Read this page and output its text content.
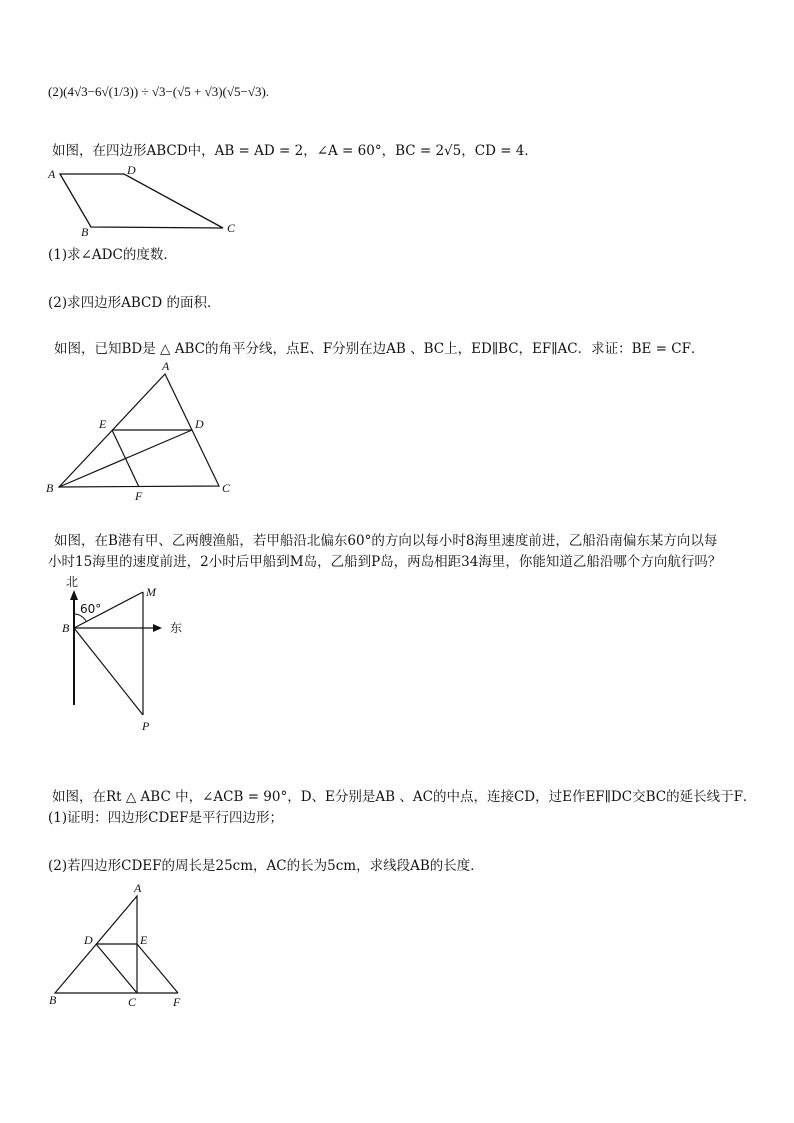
(2)(4√3−6√(1/3)) ÷ √3−(√5 + √3)(√5−√3).
如图，在四边形ABCD中，AB = AD = 2，∠A = 60°，BC = 2√5，CD = 4．
A	D
B	C
(1)求∠ADC的度数．
(2)求四边形ABCD 的面积．
如图，已知BD是 △ ABC的角平分线，点E、F分别在边AB 、BC上，ED∥BC，EF∥AC．求证：BE = CF．
A
E	D
B
F
C
如图，在B港有甲、乙两艘渔船，若甲船沿北偏东60°的方向以每小时8海里速度前进，乙船沿南偏东某方向以每
小时15海里的速度前进，2小时后甲船到M岛，乙船到P岛，两岛相距34海里，你能知道乙船沿哪个方向航行吗？
北
60°
M
B	东
P
如图，在Rt △ ABC 中，∠ACB = 90°，D、E分别是AB 、AC的中点，连接CD，过E作EF∥DC交BC的延长线于F．
(1)证明：四边形CDEF是平行四边形；
(2)若四边形CDEF的周长是25cm，AC的长为5cm，求线段AB的长度．
A
D	E
B	C	F
